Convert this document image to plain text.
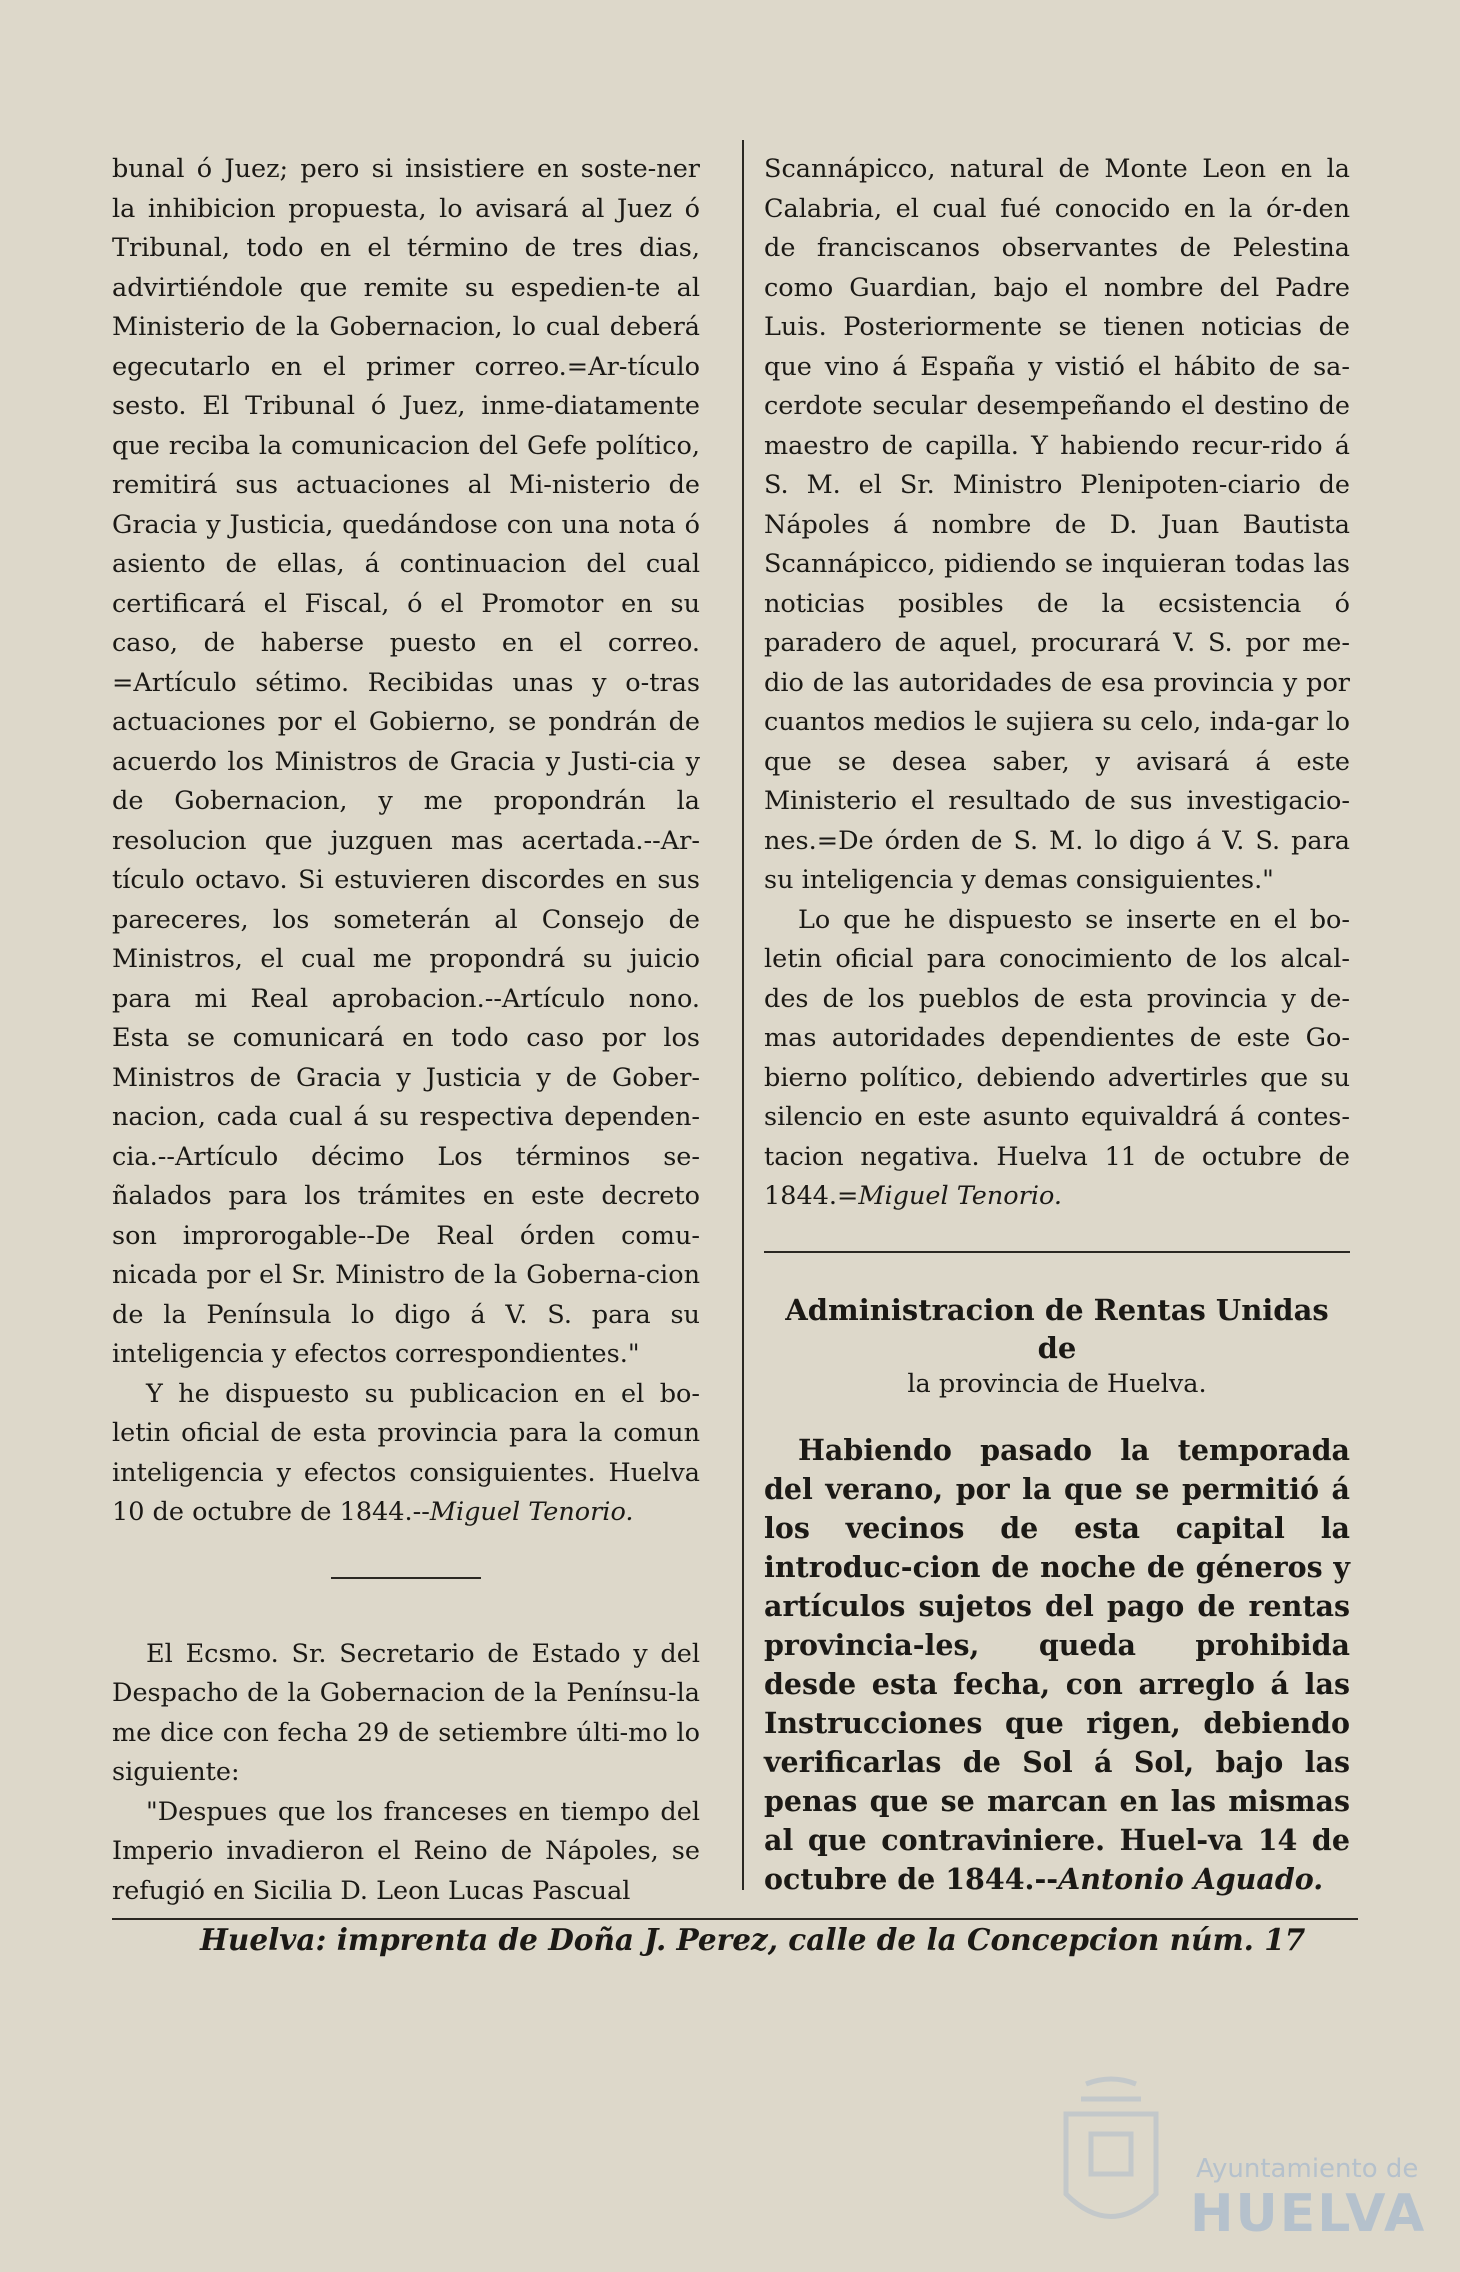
bunal ó Juez; pero si insistiere en soste-ner la inhibicion propuesta, lo avisará al Juez ó Tribunal, todo en el término de tres dias, advirtiéndole que remite su espedien-te al Ministerio de la Gobernacion, lo cual deberá egecutarlo en el primer correo.=Ar-tículo sesto. El Tribunal ó Juez, inme-diatamente que reciba la comunicacion del Gefe político, remitirá sus actuaciones al Mi-nisterio de Gracia y Justicia, quedándose con una nota ó asiento de ellas, á continuacion del cual certificará el Fiscal, ó el Promotor en su caso, de haberse puesto en el correo. =Artículo sétimo. Recibidas unas y o-tras actuaciones por el Gobierno, se pondrán de acuerdo los Ministros de Gracia y Justi-cia y de Gobernacion, y me propondrán la resolucion que juzguen mas acertada.--Ar-tículo octavo. Si estuvieren discordes en sus pareceres, los someterán al Consejo de Ministros, el cual me propondrá su juicio para mi Real aprobacion.--Artículo nono. Esta se comunicará en todo caso por los Ministros de Gracia y Justicia y de Gober-nacion, cada cual á su respectiva dependen-cia.--Artículo décimo Los términos se-ñalados para los trámites en este decreto son improrogable--De Real órden comu-nicada por el Sr. Ministro de la Goberna-cion de la Península lo digo á V. S. para su inteligencia y efectos correspondientes."

Y he dispuesto su publicacion en el bo-letin oficial de esta provincia para la comun inteligencia y efectos consiguientes. Huelva 10 de octubre de 1844.--Miguel Tenorio.

El Ecsmo. Sr. Secretario de Estado y del Despacho de la Gobernacion de la Penínsu-la me dice con fecha 29 de setiembre últi-mo lo siguiente:

"Despues que los franceses en tiempo del Imperio invadieron el Reino de Nápoles, se refugió en Sicilia D. Leon Lucas Pascual

Scannápicco, natural de Monte Leon en la Calabria, el cual fué conocido en la ór-den de franciscanos observantes de Pelestina como Guardian, bajo el nombre del Padre Luis. Posteriormente se tienen noticias de que vino á España y vistió el hábito de sa-cerdote secular desempeñando el destino de maestro de capilla. Y habiendo recur-rido á S. M. el Sr. Ministro Plenipoten-ciario de Nápoles á nombre de D. Juan Bautista Scannápicco, pidiendo se inquieran todas las noticias posibles de la ecsistencia ó paradero de aquel, procurará V. S. por me-dio de las autoridades de esa provincia y por cuantos medios le sujiera su celo, inda-gar lo que se desea saber, y avisará á este Ministerio el resultado de sus investigacio-nes.=De órden de S. M. lo digo á V. S. para su inteligencia y demas consiguientes."

Lo que he dispuesto se inserte en el bo-letin oficial para conocimiento de los alcal-des de los pueblos de esta provincia y de-mas autoridades dependientes de este Go-bierno político, debiendo advertirles que su silencio en este asunto equivaldrá á contes-tacion negativa. Huelva 11 de octubre de 1844.=Miguel Tenorio.

Administracion de Rentas Unidas de
la provincia de Huelva.

Habiendo pasado la temporada del verano, por la que se permitió á los vecinos de esta capital la introduc-cion de noche de géneros y artículos sujetos del pago de rentas provincia-les, queda prohibida desde esta fecha, con arreglo á las Instrucciones que rigen, debiendo verificarlas de Sol á Sol, bajo las penas que se marcan en las mismas al que contraviniere. Huel-va 14 de octubre de 1844.--Antonio Aguado.

Huelva: imprenta de Doña J. Perez, calle de la Concepcion núm. 17
Ayuntamiento de
HUELVA
